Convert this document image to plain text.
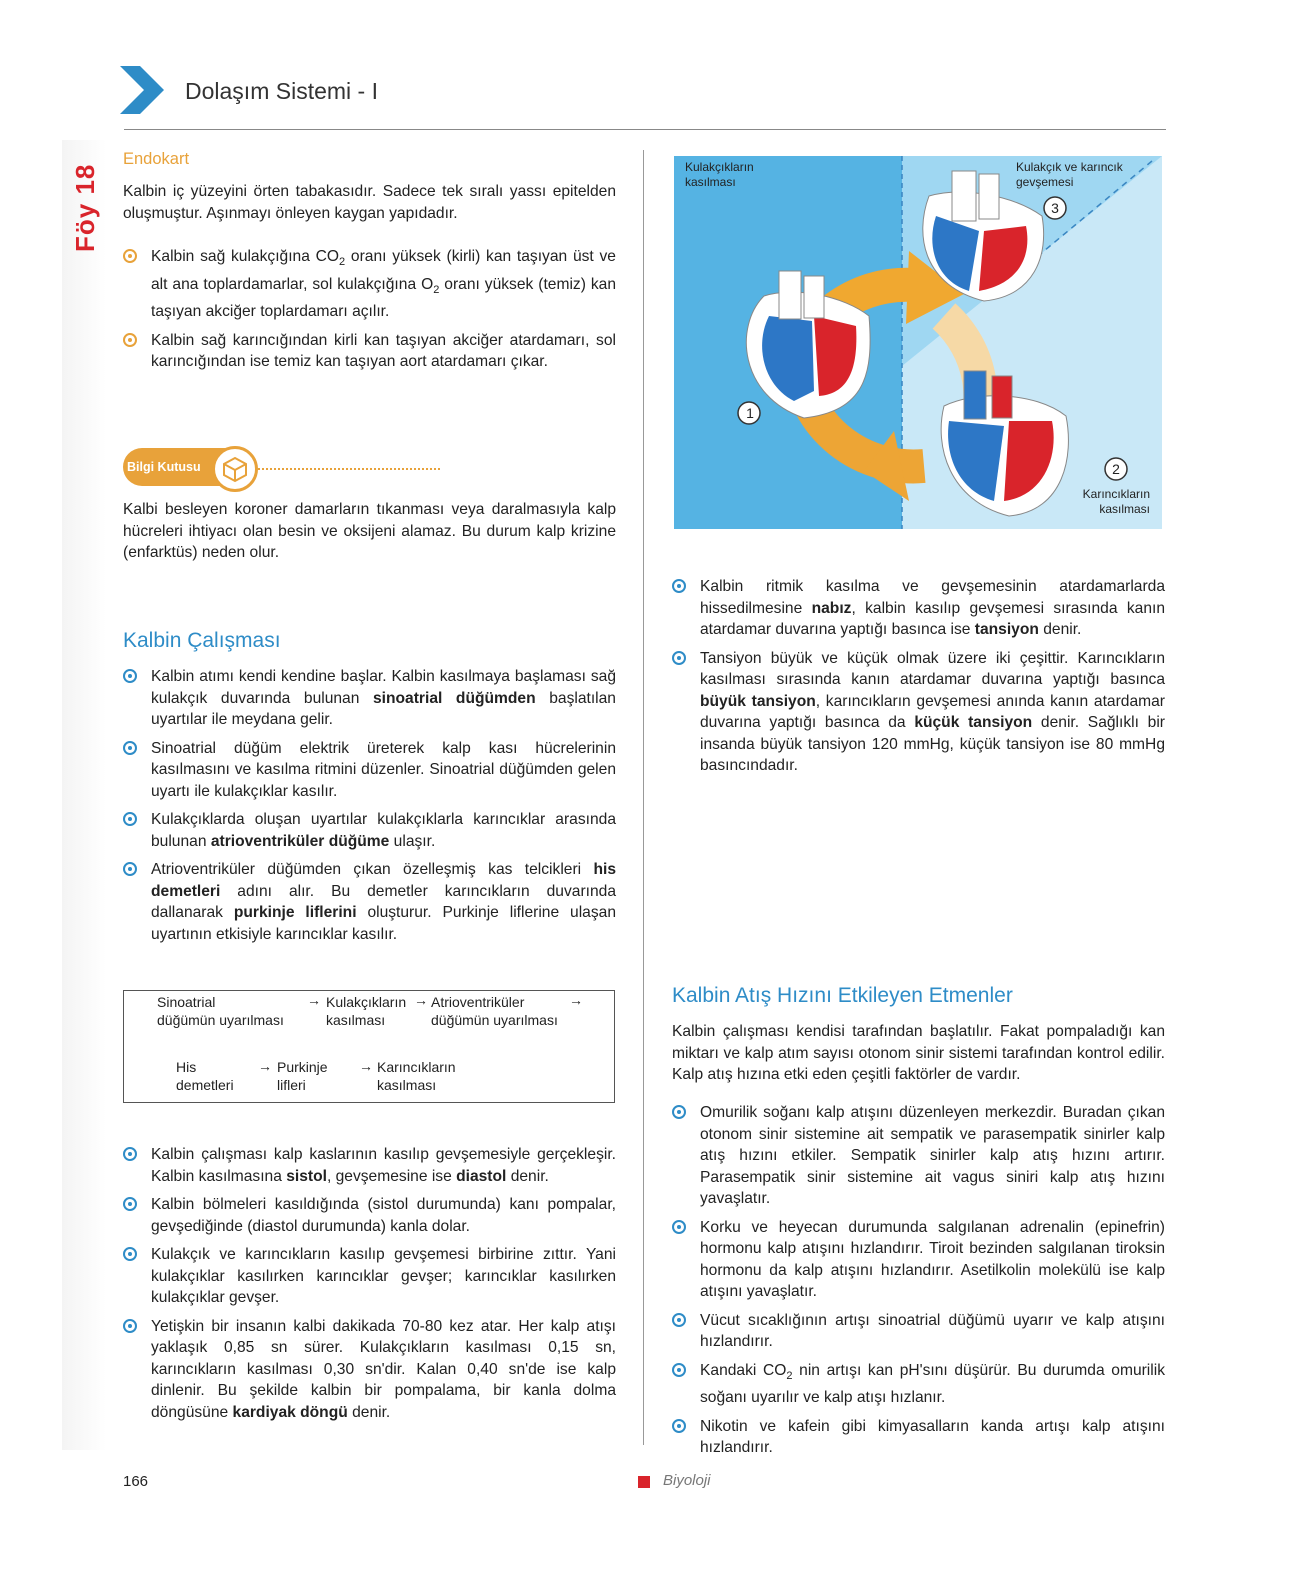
Dolaşım Sistemi - I
Föy 18
Endokart

Kalbin iç yüzeyini örten tabakasıdır. Sadece tek sıralı yassı epitelden oluşmuştur. Aşınmayı önleyen kaygan yapıdadır.

Kalbin sağ kulakçığına $CO_2$ oranı yüksek (kirli) kan taşıyan üst ve alt ana toplardamarlar, sol kulakçığına $O_2$ oranı yüksek (temiz) kan taşıyan akciğer toplardamarı açılır.
Kalbin sağ karıncığından kirli kan taşıyan akciğer atardamarı, sol karıncığından ise temiz kan taşıyan aort atardamarı çıkar.
Bilgi Kutusu

Kalbi besleyen koroner damarların tıkanması veya daralmasıyla kalp hücreleri ihtiyacı olan besin ve oksijeni alamaz. Bu durum kalp krizine (enfarktüs) neden olur.

Kalbin Çalışması
Kalbin atımı kendi kendine başlar. Kalbin kasılmaya başlaması sağ kulakçık duvarında bulunan sinoatrial düğümden başlatılan uyartılar ile meydana gelir.
Sinoatrial düğüm elektrik üreterek kalp kası hücrelerinin kasılmasını ve kasılma ritmini düzenler. Sinoatrial düğümden gelen uyartı ile kulakçıklar kasılır.
Kulakçıklarda oluşan uyartılar kulakçıklarla karıncıklar arasında bulunan atrioventriküler düğüme ulaşır.
Atrioventriküler düğümden çıkan özelleşmiş kas telcikleri his demetleri adını alır. Bu demetler karıncıkların duvarında dallanarak purkinje liflerini oluşturur. Purkinje liflerine ulaşan uyartının etkisiyle karıncıklar kasılır.
Sinoatrial
düğümün uyarılması
→ Kulakçıkların
kasılması
→ Atrioventriküler
düğümün uyarılması
→
His
demetleri
→ Purkinje
lifleri
→ Karıncıkların
kasılması
Kalbin çalışması kalp kaslarının kasılıp gevşemesiyle gerçekleşir. Kalbin kasılmasına sistol, gevşemesine ise diastol denir.
Kalbin bölmeleri kasıldığında (sistol durumunda) kanı pompalar, gevşediğinde (diastol durumunda) kanla dolar.
Kulakçık ve karıncıkların kasılıp gevşemesi birbirine zıttır. Yani kulakçıklar kasılırken karıncıklar gevşer; karıncıklar kasılırken kulakçıklar gevşer.
Yetişkin bir insanın kalbi dakikada 70-80 kez atar. Her kalp atışı yaklaşık 0,85 sn sürer. Kulakçıkların kasılması 0,15 sn, karıncıkların kasılması 0,30 sn'dir. Kalan 0,40 sn'de ise kalp dinlenir. Bu şekilde kalbin bir pompalama, bir kanla dolma döngüsüne kardiyak döngü denir.
Kulakçıkların kasılması
Kulakçık ve karıncık gevşemesi
Karıncıkların kasılması
1
2
3
Kalbin ritmik kasılma ve gevşemesinin atardamarlarda hissedilmesine nabız, kalbin kasılıp gevşemesi sırasında kanın atardamar duvarına yaptığı basınca ise tansiyon denir.
Tansiyon büyük ve küçük olmak üzere iki çeşittir. Karıncıkların kasılması sırasında kanın atardamar duvarına yaptığı basınca büyük tansiyon, karıncıkların gevşemesi anında kanın atardamar duvarına yaptığı basınca da küçük tansiyon denir. Sağlıklı bir insanda büyük tansiyon 120 mmHg, küçük tansiyon ise 80 mmHg basıncındadır.
Kalbin Atış Hızını Etkileyen Etmenler

Kalbin çalışması kendisi tarafından başlatılır. Fakat pompaladığı kan miktarı ve kalp atım sayısı otonom sinir sistemi tarafından kontrol edilir. Kalp atış hızına etki eden çeşitli faktörler de vardır.

Omurilik soğanı kalp atışını düzenleyen merkezdir. Buradan çıkan otonom sinir sistemine ait sempatik ve parasempatik sinirler kalp atış hızını etkiler. Sempatik sinirler kalp atış hızını artırır. Parasempatik sinir sistemine ait vagus siniri kalp atış hızını yavaşlatır.
Korku ve heyecan durumunda salgılanan adrenalin (epinefrin) hormonu kalp atışını hızlandırır. Tiroit bezinden salgılanan tiroksin hormonu da kalp atışını hızlandırır. Asetilkolin molekülü ise kalp atışını yavaşlatır.
Vücut sıcaklığının artışı sinoatrial düğümü uyarır ve kalp atışını hızlandırır.
Kandaki $CO_2$ nin artışı kan pH'sını düşürür. Bu durumda omurilik soğanı uyarılır ve kalp atışı hızlanır.
Nikotin ve kafein gibi kimyasalların kanda artışı kalp atışını hızlandırır.
166	Biyoloji
